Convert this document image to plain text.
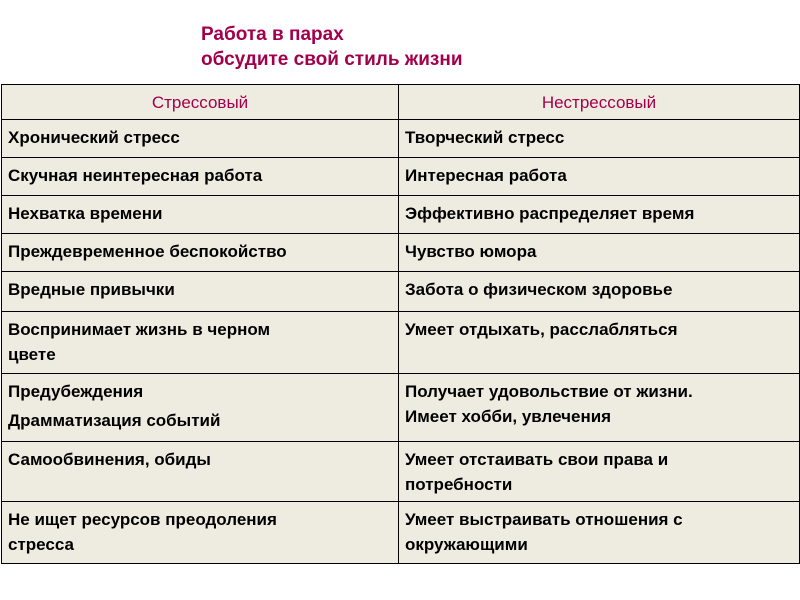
Работа в парах
обсудите свой стиль жизни
Стрессовый	Нестрессовый

Хронический стресс	Творческий стресс

Скучная неинтересная работа	Интересная работа

Нехватка времени	Эффективно распределяет время

Преждевременное беспокойство	Чувство юмора

Вредные привычки	Забота о физическом здоровье

Воспринимает жизнь в черном
цвете	Умеет отдыхать, расслабляться

Предубеждения
Драмматизация событий	Получает удовольствие от жизни.
Имеет хобби, увлечения

Самообвинения, обиды	Умеет отстаивать свои права и
потребности

Не ищет ресурсов преодоления
стресса	Умеет выстраивать отношения с
окружающими
